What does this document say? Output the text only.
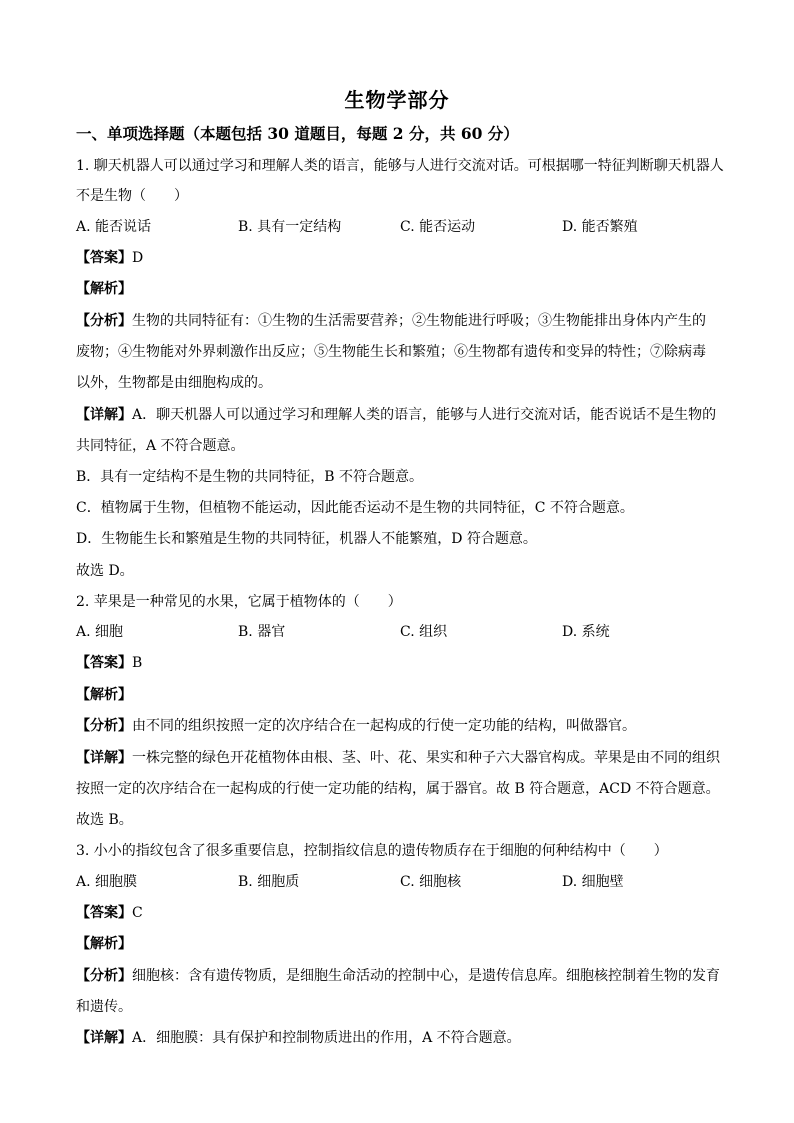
生物学部分
一、单项选择题（本题包括 30 道题目，每题 2 分，共 60 分）
1. 聊天机器人可以通过学习和理解人类的语言，能够与人进行交流对话。可根据哪一特征判断聊天机器人
不是生物（　　）
A. 能否说话	B. 具有一定结构	C. 能否运动	D. 能否繁殖
【答案】D
【解析】
【分析】生物的共同特征有：①生物的生活需要营养；②生物能进行呼吸；③生物能排出身体内产生的
废物；④生物能对外界刺激作出反应；⑤生物能生长和繁殖；⑥生物都有遗传和变异的特性；⑦除病毒
以外，生物都是由细胞构成的。
【详解】A．聊天机器人可以通过学习和理解人类的语言，能够与人进行交流对话，能否说话不是生物的
共同特征，A 不符合题意。
B．具有一定结构不是生物的共同特征，B 不符合题意。
C．植物属于生物，但植物不能运动，因此能否运动不是生物的共同特征，C 不符合题意。
D．生物能生长和繁殖是生物的共同特征，机器人不能繁殖，D 符合题意。
故选 D。
2. 苹果是一种常见的水果，它属于植物体的（　　）
A. 细胞	B. 器官	C. 组织	D. 系统
【答案】B
【解析】
【分析】由不同的组织按照一定的次序结合在一起构成的行使一定功能的结构，叫做器官。
【详解】一株完整的绿色开花植物体由根、茎、叶、花、果实和种子六大器官构成。苹果是由不同的组织
按照一定的次序结合在一起构成的行使一定功能的结构，属于器官。故 B 符合题意，ACD 不符合题意。
故选 B。
3. 小小的指纹包含了很多重要信息，控制指纹信息的遗传物质存在于细胞的何种结构中（　　）
A. 细胞膜	B. 细胞质	C. 细胞核	D. 细胞壁
【答案】C
【解析】
【分析】细胞核：含有遗传物质，是细胞生命活动的控制中心，是遗传信息库。细胞核控制着生物的发育
和遗传。
【详解】A．细胞膜：具有保护和控制物质进出的作用，A 不符合题意。
